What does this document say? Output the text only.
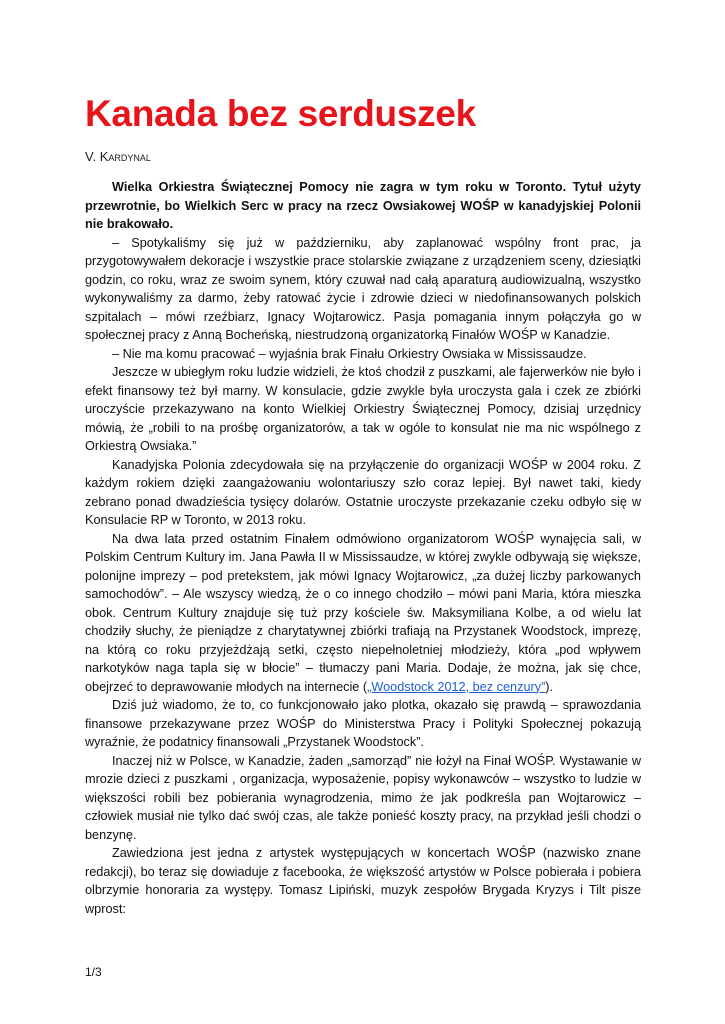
Kanada bez serduszek
V. Kardynal

Wielka Orkiestra Świątecznej Pomocy nie zagra w tym roku w Toronto. Tytuł użyty przewrotnie, bo Wielkich Serc w pracy na rzecz Owsiakowej WOŚP w kanadyjskiej Polonii nie brakowało.

– Spotykaliśmy się już w październiku, aby zaplanować wspólny front prac, ja przygotowywałem dekoracje i wszystkie prace stolarskie związane z urządzeniem sceny, dziesiątki godzin, co roku, wraz ze swoim synem, który czuwał nad całą aparaturą audiowizualną, wszystko wykonywaliśmy za darmo, żeby ratować życie i zdrowie dzieci w niedofinansowanych polskich szpitalach – mówi rzeźbiarz, Ignacy Wojtarowicz. Pasja pomagania innym połączyła go w społecznej pracy z Anną Bocheńską, niestrudzoną organizatorką Finałów WOŚP w Kanadzie.

– Nie ma komu pracować – wyjaśnia brak Finału Orkiestry Owsiaka w Mississaudze.

Jeszcze w ubiegłym roku ludzie widzieli, że ktoś chodził z puszkami, ale fajerwerków nie było i efekt finansowy też był marny. W konsulacie, gdzie zwykle była uroczysta gala i czek ze zbiórki uroczyście przekazywano na konto Wielkiej Orkiestry Świątecznej Pomocy, dzisiaj urzędnicy mówią, że „robili to na prośbę organizatorów, a tak w ogóle to konsulat nie ma nic wspólnego z Orkiestrą Owsiaka.”

Kanadyjska Polonia zdecydowała się na przyłączenie do organizacji WOŚP w 2004 roku. Z każdym rokiem dzięki zaangażowaniu wolontariuszy szło coraz lepiej. Był nawet taki, kiedy zebrano ponad dwadzieścia tysięcy dolarów. Ostatnie uroczyste przekazanie czeku odbyło się w Konsulacie RP w Toronto, w 2013 roku.

Na dwa lata przed ostatnim Finałem odmówiono organizatorom WOŚP wynajęcia sali, w Polskim Centrum Kultury im. Jana Pawła II w Mississaudze, w której zwykle odbywają się większe, polonijne imprezy – pod pretekstem, jak mówi Ignacy Wojtarowicz, „za dużej liczby parkowanych samochodów”. – Ale wszyscy wiedzą, że o co innego chodziło – mówi pani Maria, która mieszka obok. Centrum Kultury znajduje się tuż przy kościele św. Maksymiliana Kolbe, a od wielu lat chodziły słuchy, że pieniądze z charytatywnej zbiórki trafiają na Przystanek Woodstock, imprezę, na którą co roku przyjeżdżają setki, często niepełnoletniej młodzieży, która „pod wpływem narkotyków naga tapla się w błocie” – tłumaczy pani Maria. Dodaje, że można, jak się chce, obejrzeć to deprawowanie młodych na internecie („Woodstock 2012, bez cenzury”).

Dziś już wiadomo, że to, co funkcjonowało jako plotka, okazało się prawdą – sprawozdania finansowe przekazywane przez WOŚP do Ministerstwa Pracy i Polityki Społecznej pokazują wyraźnie, że podatnicy finansowali „Przystanek Woodstock”.

Inaczej niż w Polsce, w Kanadzie, żaden „samorząd” nie łożył na Finał WOŚP. Wystawanie w mrozie dzieci z puszkami , organizacja, wyposażenie, popisy wykonawców – wszystko to ludzie w większości robili bez pobierania wynagrodzenia, mimo że jak podkreśla pan Wojtarowicz – człowiek musiał nie tylko dać swój czas, ale także ponieść koszty pracy, na przykład jeśli chodzi o benzynę.

Zawiedziona jest jedna z artystek występujących w koncertach WOŚP (nazwisko znane redakcji), bo teraz się dowiaduje z facebooka, że większość artystów w Polsce pobierała i pobiera olbrzymie honoraria za występy. Tomasz Lipiński, muzyk zespołów Brygada Kryzys i Tilt pisze wprost:

1/3
